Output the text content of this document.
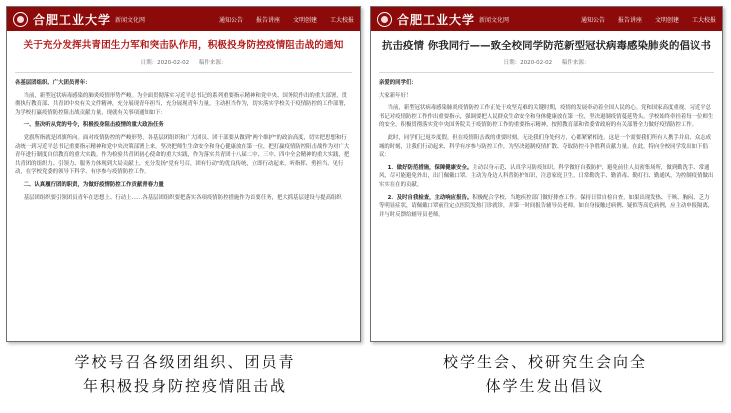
合肥工业大学 新闻文化网	通知公告 报告讲座 文明创建 工大校报
关于充分发挥共青团生力军和突击队作用，积极投身防控疫情阻击战的通知
日期：2020-02-02 稿件来源：

各基层团组织、广大团员青年：

当前，新型冠状病毒感染的肺炎疫情形势严峻。为全面贯彻落实习近平总书记的系列重要指示精神和党中央、国务院作出的重大部署，贯彻执行教育部、共青团中央有关文件精神，充分展现青年担当，充分展现青年力量，主动担当作为，切实落实学校关于疫情防控的工作部署，为学校打赢疫情防控阻击战贡献力量，现就有关事项通知如下：

一、坚决听从党的号令，积极投身阻击疫情的重大政治任务

党旗所指就是团旗所向。面对疫情防控的严峻形势，各基层团组织和广大团员、团干部要从做到"两个维护"的政治高度，切实把思想和行动统一到习近平总书记重要指示精神和党中央决策部署上来，坚决把师生生命安全和身心健康放在第一位，把打赢疫情防控阻击战作为对广大青年进行制度自信教育的重大实践。作为检验共青团初心使命的重大实践，作为落实共青团十八届二中、三中、四中全会精神的重大实践，把共青团的组织力、引领力、服务力体现到大局贡献上，充分发扬"党有号召，团有行动"的优良传统，立即行动起来，听指挥、勇担当、见行动，在学校党委的领导下科学、有序参与疫情防控工作。

二、认真履行团的职责，为做好疫情防控工作贡献青春力量

基层团组织要引领团员青年在思想上、行动上……各基层团组织要把落实各项疫情防控措施作为首要任务，把大抓基层建设与提高组织

合肥工业大学 新闻文化网	通知公告 报告讲座 文明创建 工大校报
抗击疫情 你我同行——致全校同学防范新型冠状病毒感染肺炎的倡议书
日期：2020-02-02 稿件来源：

亲爱的同学们：

大家新年好！

当前，新型冠状病毒感染肺炎疫情防控工作正处于攻坚克难的关键时期，疫情的发展牵动着全国人民的心。党和国家高度重视，习近平总书记对疫情防控工作作出重要指示，强调要把人民群众生命安全和身体健康放在第一位，坚决遏制疫情蔓延势头。学校始终牵挂着每一位师生的安全，积极贯彻落实党中央国务院关于疫情防控工作的重要指示精神，按照教育部和省委省政府的有关部署全力做好疫情防控工作。

此时，同学们已返乡度假。但在疫情阻击战的重要时刻，无论我们身处何方，心都紧紧相连。这是一个需要我们所有人携手并肩、众志成城的时刻，让我们行动起来，科学有序参与防控工作，为坚决遏制疫情扩散、夺取防控斗争胜利贡献力量。在此，特向全校同学发出如下倡议：

1．做好防范措施，保障健康安全。主动以身示范、认真学习防疫知识，科学做好自我防护，避免前往人员密集场所，做到勤洗手、常通风，尽可能避免外出，出门佩戴口罩。主动为身边人科普防护知识，注意家庭卫生，日常勤洗手、勤消毒、勤打扫、勤通风，为控制疫情做出实实在在的贡献。

2．及时自我检查，主动响应报告。积极配合学校、当地疾控部门做好排查工作。保持日常自检自查，如果出现发热、干咳、胸闷、乏力等明显症状，请佩戴口罩前往定点医院发热门诊就诊，并第一时间报告辅导员老师。如自身接触过病例、疑似等高危病例，应主动申报隔离，并与时反馈给辅导员老师。

学校号召各级团组织、团员青
年积极投身防控疫情阻击战
校学生会、校研究生会向全
体学生发出倡议
